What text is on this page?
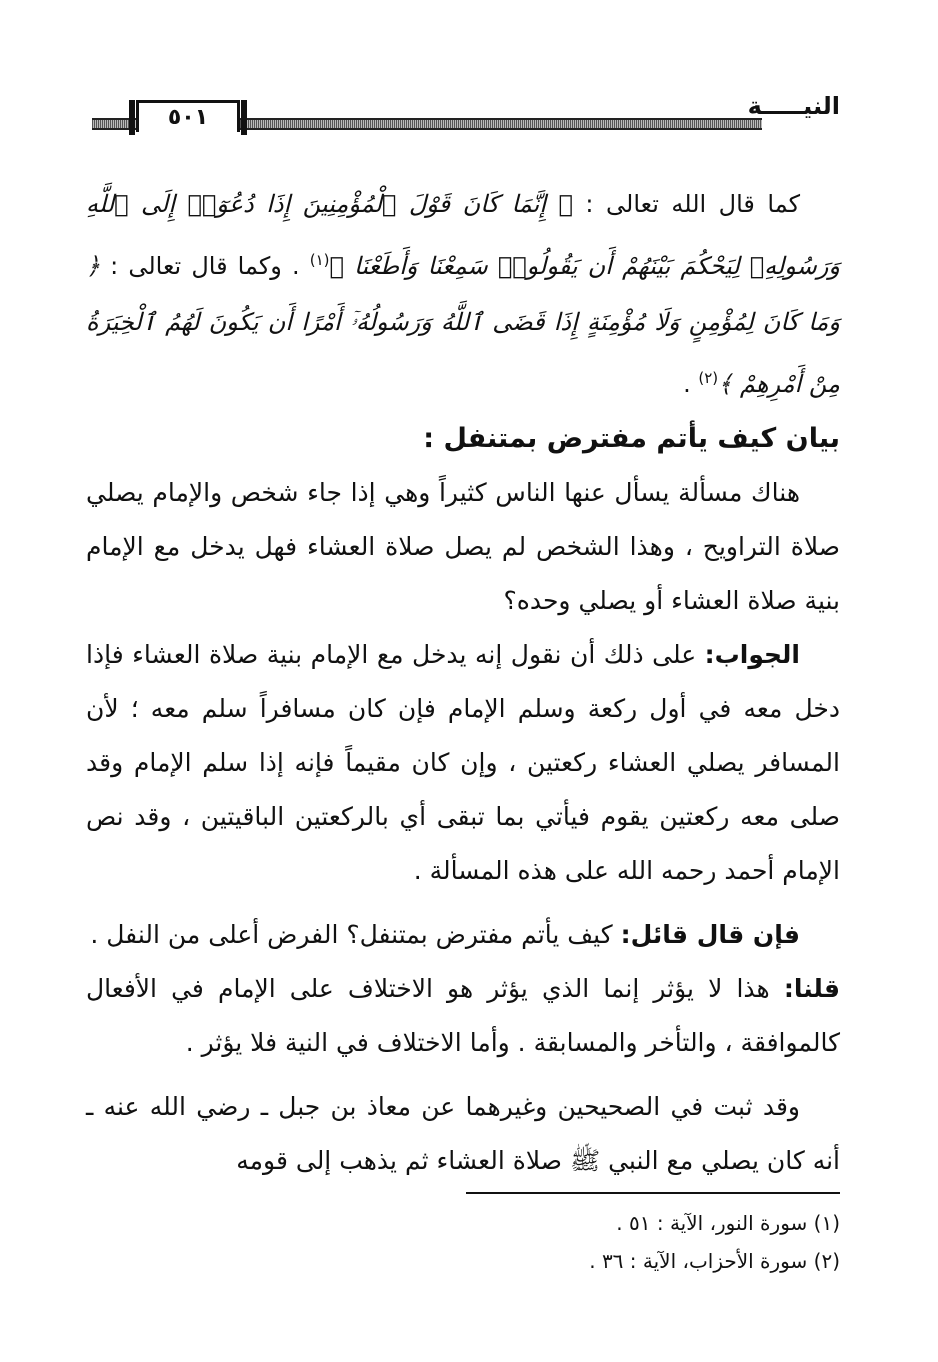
٥٠١	النيـــــة

كما قال الله تعالى : ﴿ إِنَّمَا كَانَ قَوْلَ ٱلْمُؤْمِنِينَ إِذَا دُعُوٓا۟ إِلَى ٱللَّهِ وَرَسُولِهِۦ لِيَحْكُمَ بَيْنَهُمْ أَن يَقُولُوا۟ سَمِعْنَا وَأَطَعْنَا ﴾$^{(١)}$ . وكما قال تعالى : ﴿ وَمَا كَانَ لِمُؤْمِنٍ وَلَا مُؤْمِنَةٍ إِذَا قَضَى ٱللَّهُ وَرَسُولُهُۥٓ أَمْرًا أَن يَكُونَ لَهُمُ ٱلْخِيَرَةُ مِنْ أَمْرِهِمْ ﴾$^{(٢)}$ .

بيان كيف يأتم مفترض بمتنفل :

هناك مسألة يسأل عنها الناس كثيراً وهي إذا جاء شخص والإمام يصلي صلاة التراويح ، وهذا الشخص لم يصل صلاة العشاء فهل يدخل مع الإمام بنية صلاة العشاء أو يصلي وحده؟

الجواب: على ذلك أن نقول إنه يدخل مع الإمام بنية صلاة العشاء فإذا دخل معه في أول ركعة وسلم الإمام فإن كان مسافراً سلم معه ؛ لأن المسافر يصلي العشاء ركعتين ، وإن كان مقيماً فإنه إذا سلم الإمام وقد صلى معه ركعتين يقوم فيأتي بما تبقى أي بالركعتين الباقيتين ، وقد نص الإمام أحمد رحمه الله على هذه المسألة .

فإن قال قائل: كيف يأتم مفترض بمتنفل؟ الفرض أعلى من النفل .

قلنا: هذا لا يؤثر إنما الذي يؤثر هو الاختلاف على الإمام في الأفعال كالموافقة ، والتأخر والمسابقة . وأما الاختلاف في النية فلا يؤثر .

وقد ثبت في الصحيحين وغيرهما عن معاذ بن جبل ـ رضي الله عنه ـ أنه كان يصلي مع النبي ﷺ صلاة العشاء ثم يذهب إلى قومه

(١) سورة النور، الآية : ٥١ .
(٢) سورة الأحزاب، الآية : ٣٦ .
